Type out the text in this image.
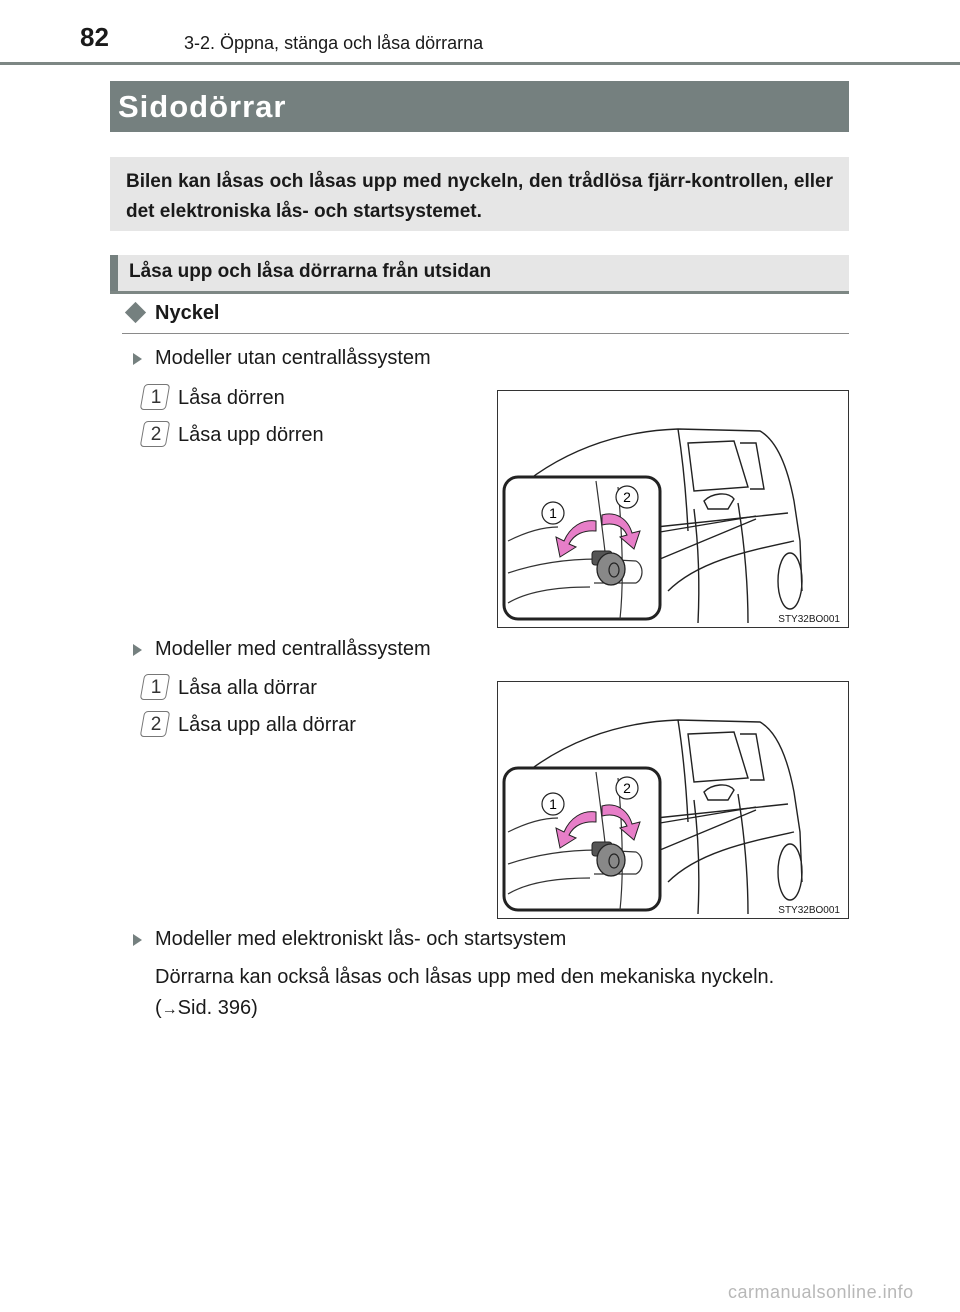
82	3-2. Öppna, stänga och låsa dörrarna
Sidodörrar
Bilen kan låsas och låsas upp med nyckeln, den trådlösa fjärr-kontrollen, eller det elektroniska lås- och startsystemet.
Låsa upp och låsa dörrarna från utsidan
Nyckel
Modeller utan centrallåssystem
1 Låsa dörren
2 Låsa upp dörren
1
2
STY32BO001
Modeller med centrallåssystem
1 Låsa alla dörrar
2 Låsa upp alla dörrar
1
2
STY32BO001
Modeller med elektroniskt lås- och startsystem
Dörrarna kan också låsas och låsas upp med den mekaniska nyckeln.
(→Sid. 396)
carmanualsonline.info
